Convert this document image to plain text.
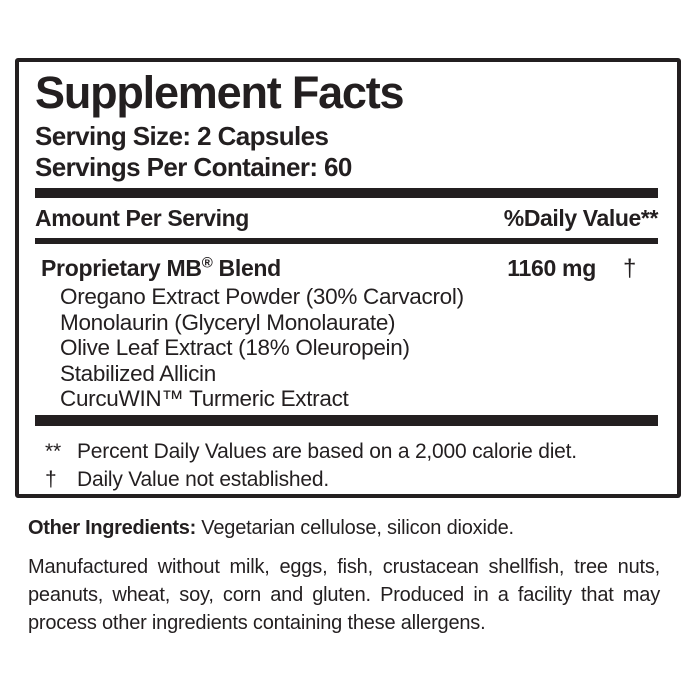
Supplement Facts
Serving Size: 2 Capsules
Servings Per Container: 60
Amount Per Serving	%Daily Value**
Proprietary MB® Blend	1160 mg †
Oregano Extract Powder (30% Carvacrol)
Monolaurin (Glyceryl Monolaurate)
Olive Leaf Extract (18% Oleuropein)
Stabilized Allicin
CurcuWIN™ Turmeric Extract
** Percent Daily Values are based on a 2,000 calorie diet.
† Daily Value not established.

Other Ingredients: Vegetarian cellulose, silicon dioxide.

Manufactured without milk, eggs, fish, crustacean shellfish, tree nuts, peanuts, wheat, soy, corn and gluten. Produced in a facility that may process other ingredients containing these allergens.
